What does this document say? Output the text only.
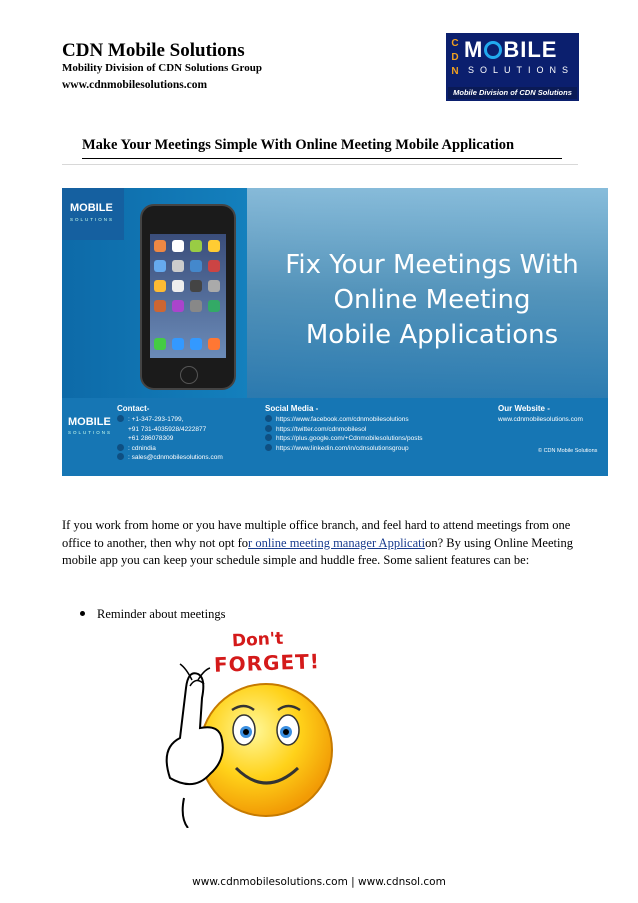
CDN Mobile Solutions
Mobility Division of CDN Solutions Group
www.cdnmobilesolutions.com
C
D
N
M BILE
SOLUTIONS
Mobile Division of CDN Solutions Group
Make Your Meetings Simple With Online Meeting Mobile Application
MOBILE
SOLUTIONS
Fix Your Meetings With
Online Meeting
Mobile Applications
MOBILE
SOLUTIONS
Contact-
: +1-347-293-1799,
+91 731-4035928/4222877
+61 286078309
: cdnindia
: sales@cdnmobilesolutions.com
Social Media -
https://www.facebook.com/cdnmobilesolutions
https://twitter.com/cdnmobilesol
https://plus.google.com/+Cdnmobilesolutions/posts
https://www.linkedin.com/in/cdnsolutionsgroup
Our Website -
www.cdnmobilesolutions.com
© CDN Mobile Solutions
If you work from home or you have multiple office branch, and feel hard to attend meetings from one office to another, then why not opt for online meeting manager Application? By using Online Meeting mobile app you can keep your schedule simple and huddle free. Some salient features can be:
Reminder about meetings
Don't
FORGET!
www.cdnmobilesolutions.com | www.cdnsol.com
